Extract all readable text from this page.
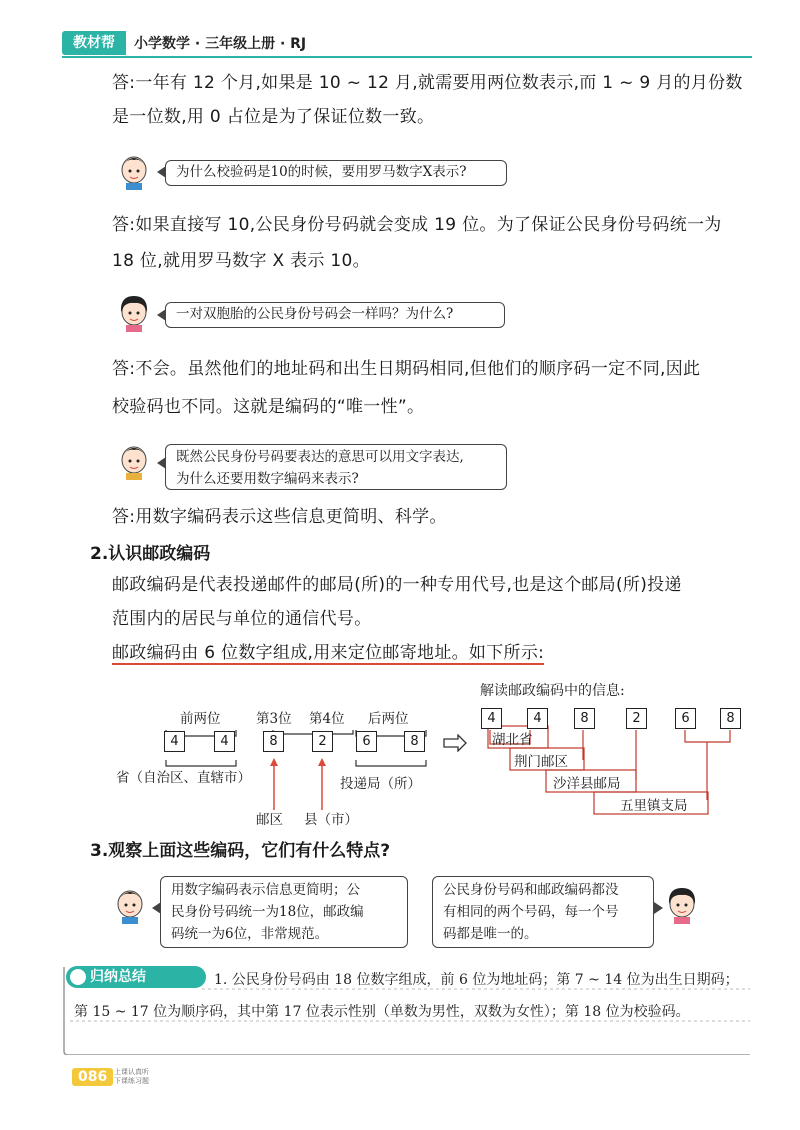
教材帮	小学数学 · 三年级上册 · RJ
答:一年有 12 个月,如果是 10 ~ 12 月,就需要用两位数表示,而 1 ~ 9 月的月份数
是一位数,用 0 占位是为了保证位数一致。
为什么校验码是10的时候，要用罗马数字X表示?
答:如果直接写 10,公民身份号码就会变成 19 位。为了保证公民身份号码统一为
18 位,就用罗马数字 X 表示 10。
一对双胞胎的公民身份号码会一样吗？为什么?
答:不会。虽然他们的地址码和出生日期码相同,但他们的顺序码一定不同,因此
校验码也不同。这就是编码的“唯一性”。
既然公民身份号码要表达的意思可以用文字表达,
为什么还要用数字编码来表示?
答:用数字编码表示这些信息更简明、科学。
2.认识邮政编码
邮政编码是代表投递邮件的邮局(所)的一种专用代号,也是这个邮局(所)投递
范围内的居民与单位的通信代号。
邮政编码由 6 位数字组成,用来定位邮寄地址。如下所示:
前两位	第3位 第4位 后两位
4	4	8	2	6	8
省（自治区、直辖市）	投递局（所）
邮区 县（市）
解读邮政编码中的信息:
4	4	8	2	6	8
湖北省
荆门邮区
沙洋县邮局
五里镇支局
3.观察上面这些编码，它们有什么特点?
用数字编码表示信息更简明；公
民身份号码统一为18位，邮政编
码统一为6位，非常规范。
公民身份号码和邮政编码都没
有相同的两个号码，每一个号
码都是唯一的。
归纳总结	1. 公民身份号码由 18 位数字组成，前 6 位为地址码；第 7 ~ 14 位为出生日期码；第 15 ~ 17 位为顺序码，其中第 17 位表示性别（单数为男性，双数为女性）；第 18 位为校验码。
086 上课认真听
下课练习题
